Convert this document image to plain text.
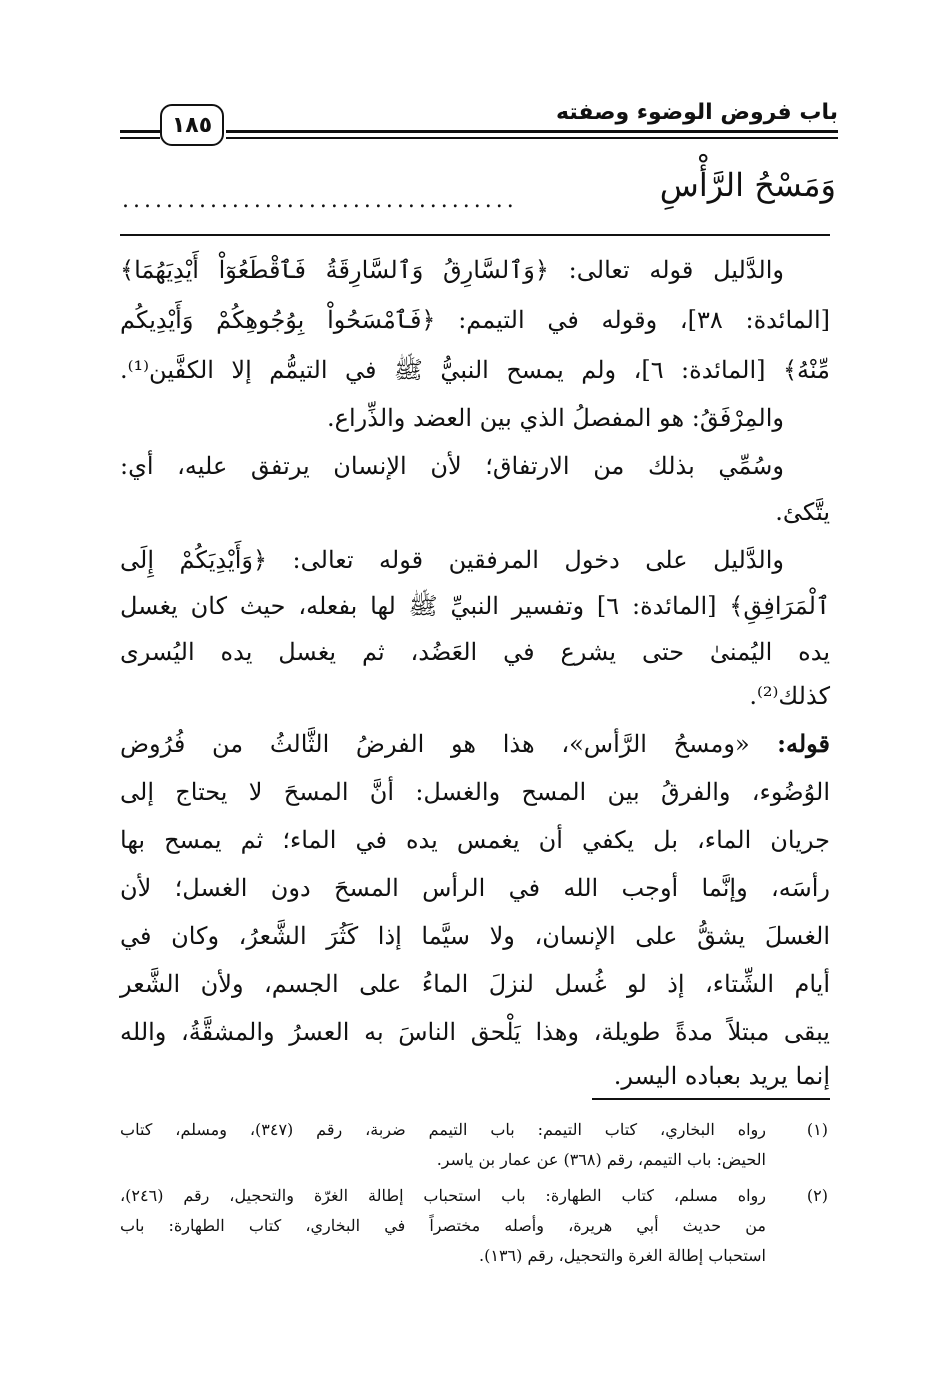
باب فروض الوضوء وصفته
١٨٥
وَمَسْحُ الرَّأْسِ
....................................
والدَّليل قوله تعالى: ﴿وَٱلسَّارِقُ وَٱلسَّارِقَةُ فَٱقْطَعُوٓاْ أَيْدِيَهُمَا﴾
[المائدة: ٣٨]، وقوله في التيمم: ﴿فَٱمْسَحُواْ بِوُجُوهِكُمْ وَأَيْدِيكُم
مِّنْهُ﴾ [المائدة: ٦]، ولم يمسح النبيُّ ﷺ في التيمُّم إلا الكفَّين⁽¹⁾.
والمِرْفَقُ: هو المفصلُ الذي بين العضد والذِّراع.
وسُمِّي بذلك من الارتفاق؛ لأن الإنسان يرتفق عليه، أي:
يتَّكئ.
والدَّليل على دخول المرفقين قوله تعالى: ﴿وَأَيْدِيَكُمْ إِلَى
ٱلْمَرَافِقِ﴾ [المائدة: ٦] وتفسير النبيِّ ﷺ لها بفعله، حيث كان يغسل
يده اليُمنىٰ حتى يشرع في العَضُد، ثم يغسل يده اليُسرى
كذلك⁽²⁾.
قوله: «ومسحُ الرَّأس»، هذا هو الفرضُ الثَّالثُ من فُرُوض
الوُضُوء، والفرقُ بين المسح والغسل: أنَّ المسحَ لا يحتاج إلى
جريان الماء، بل يكفي أن يغمس يده في الماء؛ ثم يمسح بها
رأسَه، وإنَّما أوجب الله في الرأس المسحَ دون الغسل؛ لأن
الغسلَ يشقُّ على الإنسان، ولا سيَّما إذا كَثُرَ الشَّعرُ، وكان في
أيام الشِّتاء، إذ لو غُسل لنزلَ الماءُ على الجسم، ولأن الشَّعر
يبقى مبتلاً مدةً طويلة، وهذا يَلْحق الناسَ به العسرُ والمشقَّةُ، والله
إنما يريد بعباده اليسر.
(١)
رواه البخاري، كتاب التيمم: باب التيمم ضربة، رقم (٣٤٧)، ومسلم، كتاب
الحيض: باب التيمم، رقم (٣٦٨) عن عمار بن ياسر.
(٢)
رواه مسلم، كتاب الطهارة: باب استحباب إطالة الغرّة والتحجيل، رقم (٢٤٦)،
من حديث أبي هريرة، وأصله مختصراً في البخاري، كتاب الطهارة: باب
استحباب إطالة الغرة والتحجيل، رقم (١٣٦).
